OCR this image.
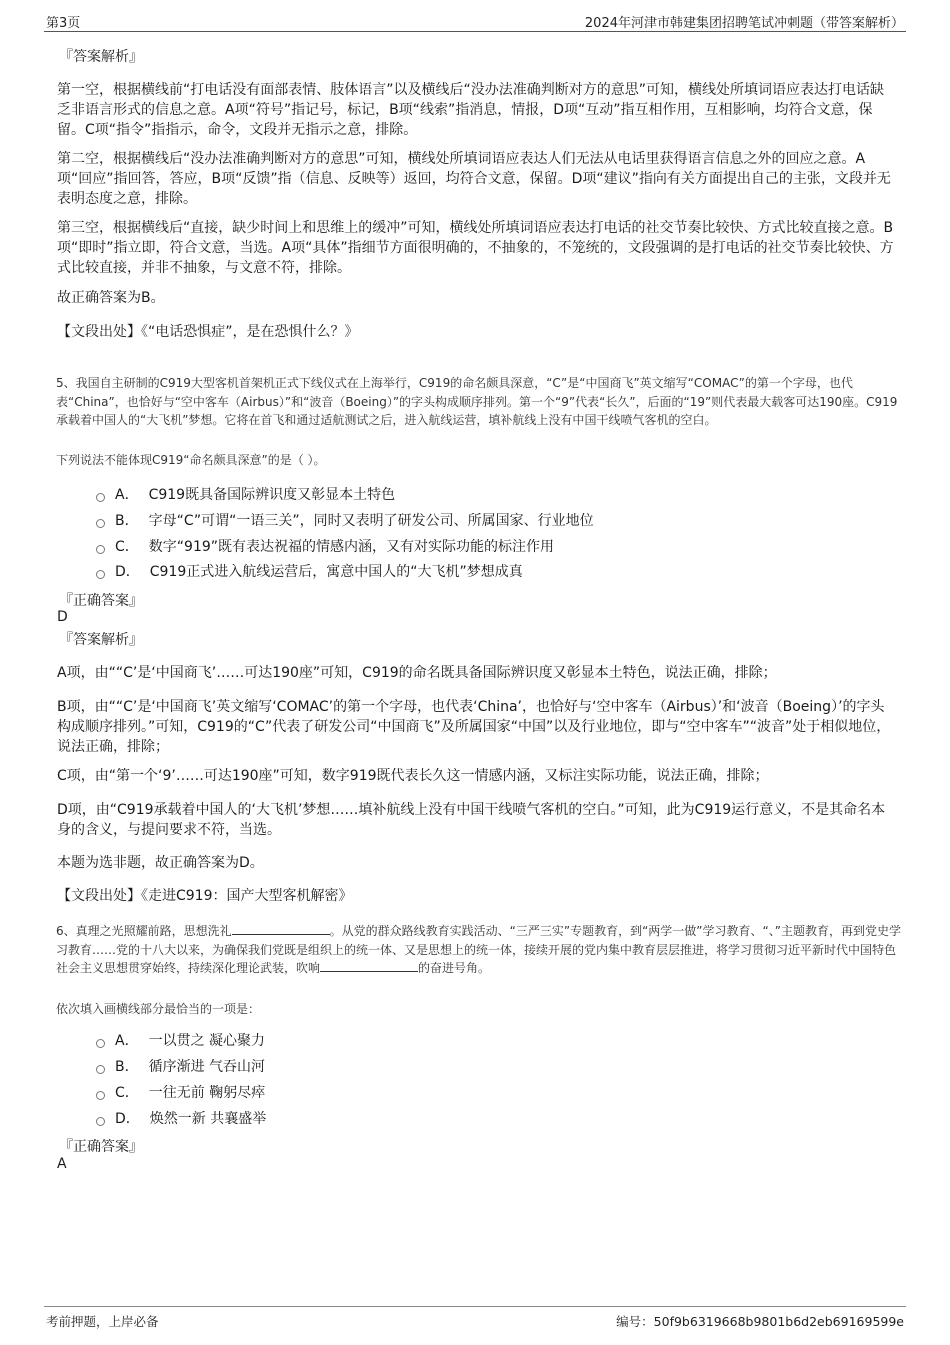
第3页	2024年河津市韩建集团招聘笔试冲刺题（带答案解析）
『答案解析』

第一空，根据横线前“打电话没有面部表情、肢体语言”以及横线后“没办法准确判断对方的意思”可知，横线处所填词语应表达打电话缺乏非语言形式的信息之意。A项“符号”指记号，标记，B项“线索”指消息，情报，D项“互动”指互相作用，互相影响，均符合文意，保留。C项“指令”指指示，命令，文段并无指示之意，排除。

第二空，根据横线后“没办法准确判断对方的意思”可知，横线处所填词语应表达人们无法从电话里获得语言信息之外的回应之意。A项“回应”指回答，答应，B项“反馈”指（信息、反映等）返回，均符合文意，保留。D项“建议”指向有关方面提出自己的主张，文段并无表明态度之意，排除。

第三空，根据横线后“直接，缺少时间上和思维上的缓冲”可知，横线处所填词语应表达打电话的社交节奏比较快、方式比较直接之意。B项“即时”指立即，符合文意，当选。A项“具体”指细节方面很明确的，不抽象的，不笼统的，文段强调的是打电话的社交节奏比较快、方式比较直接，并非不抽象，与文意不符，排除。

故正确答案为B。

【文段出处】《“电话恐惧症”，是在恐惧什么？》

5、我国自主研制的C919大型客机首架机正式下线仪式在上海举行，C919的命名颇具深意，“C”是“中国商飞”英文缩写“COMAC”的第一个字母，也代表“China”，也恰好与“空中客车（Airbus）”和“波音（Boeing）”的字头构成顺序排列。第一个“9”代表“长久”，后面的“19”则代表最大载客可达190座。C919承载着中国人的“大飞机”梦想。它将在首飞和通过适航测试之后，进入航线运营，填补航线上没有中国干线喷气客机的空白。

下列说法不能体现C919“命名颇具深意”的是（ ）。
A． C919既具备国际辨识度又彰显本土特色
B． 字母“C”可谓“一语三关”，同时又表明了研发公司、所属国家、行业地位
C． 数字“919”既有表达祝福的情感内涵，又有对实际功能的标注作用
D． C919正式进入航线运营后，寓意中国人的“大飞机”梦想成真
『正确答案』
D
『答案解析』

A项，由““C’是‘中国商飞’……可达190座”可知，C919的命名既具备国际辨识度又彰显本土特色，说法正确，排除；

B项，由““C’是‘中国商飞’英文缩写‘COMAC’的第一个字母，也代表‘China’，也恰好与‘空中客车（Airbus）’和‘波音（Boeing）’的字头构成顺序排列。”可知，C919的“C”代表了研发公司“中国商飞”及所属国家“中国”以及行业地位，即与“空中客车”“波音”处于相似地位，说法正确，排除；

C项，由“第一个‘9’……可达190座”可知，数字919既代表长久这一情感内涵，又标注实际功能，说法正确，排除；

D项，由“C919承载着中国人的‘大飞机’梦想……填补航线上没有中国干线喷气客机的空白。”可知，此为C919运行意义，不是其命名本身的含义，与提问要求不符，当选。

本题为选非题，故正确答案为D。

【文段出处】《走进C919：国产大型客机解密》

6、真理之光照耀前路，思想洗礼	。从党的群众路线教育实践活动、“三严三实”专题教育，到“两学一做”学习教育、“、”主题教育，再到党史学习教育……党的十八大以来，为确保我们党既是组织上的统一体、又是思想上的统一体，接续开展的党内集中教育层层推进，将学习贯彻习近平新时代中国特色社会主义思想贯穿始终，持续深化理论武装，吹响	的奋进号角。

依次填入画横线部分最恰当的一项是：
A． 一以贯之 凝心聚力
B． 循序渐进 气吞山河
C． 一往无前 鞠躬尽瘁
D． 焕然一新 共襄盛举
『正确答案』
A
考前押题，上岸必备	编号：50f9b6319668b9801b6d2eb69169599e
